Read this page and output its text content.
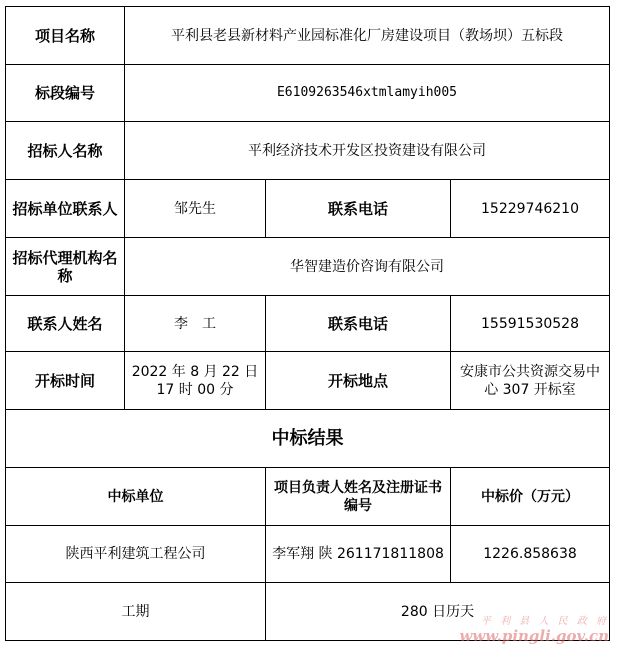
项目名称	平利县老县新材料产业园标准化厂房建设项目（教场坝）五标段		
标段编号	E6109263546xtmlamyih005		
招标人名称	平利经济技术开发区投资建设有限公司		
招标单位联系人	邹先生	联系电话	15229746210
招标代理机构名称	华智建造价咨询有限公司		
联系人姓名	李　工	联系电话	15591530528
开标时间	2022 年 8 月 22 日 17 时 00 分	开标地点	安康市公共资源交易中心 307 开标室
中标结果			
中标单位		项目负责人姓名及注册证书编号	中标价（万元）
陕西平利建筑工程公司		李军翔 陕 261171811808	1226.858638
工期		280 日历天	
平 利 县 人 民 政 府
www.pingli.gov.cn
